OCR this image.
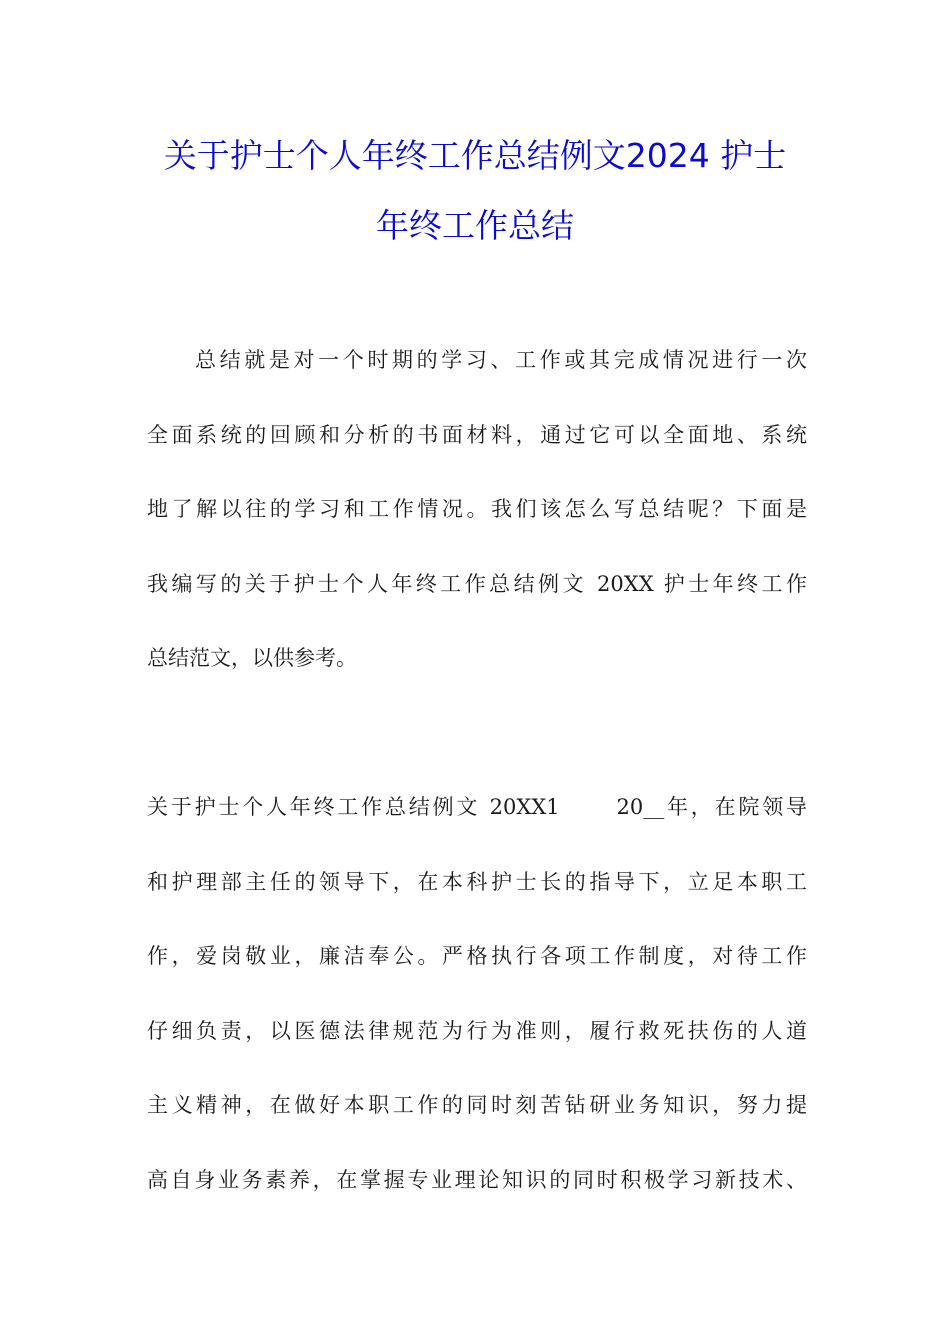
关于护士个人年终工作总结例文2024 护士
年终工作总结
总结就是对一个时期的学习、工作或其完成情况进行一次
全面系统的回顾和分析的书面材料，通过它可以全面地、系统
地了解以往的学习和工作情况。我们该怎么写总结呢？下面是
我编写的关于护士个人年终工作总结例文 20XX 护士年终工作
总结范文，以供参考。
关于护士个人年终工作总结例文 20XX1      20__年，在院领导
和护理部主任的领导下，在本科护士长的指导下，立足本职工
作，爱岗敬业，廉洁奉公。严格执行各项工作制度，对待工作
仔细负责，以医德法律规范为行为准则，履行救死扶伤的人道
主义精神，在做好本职工作的同时刻苦钻研业务知识，努力提
高自身业务素养，在掌握专业理论知识的同时积极学习新技术、
